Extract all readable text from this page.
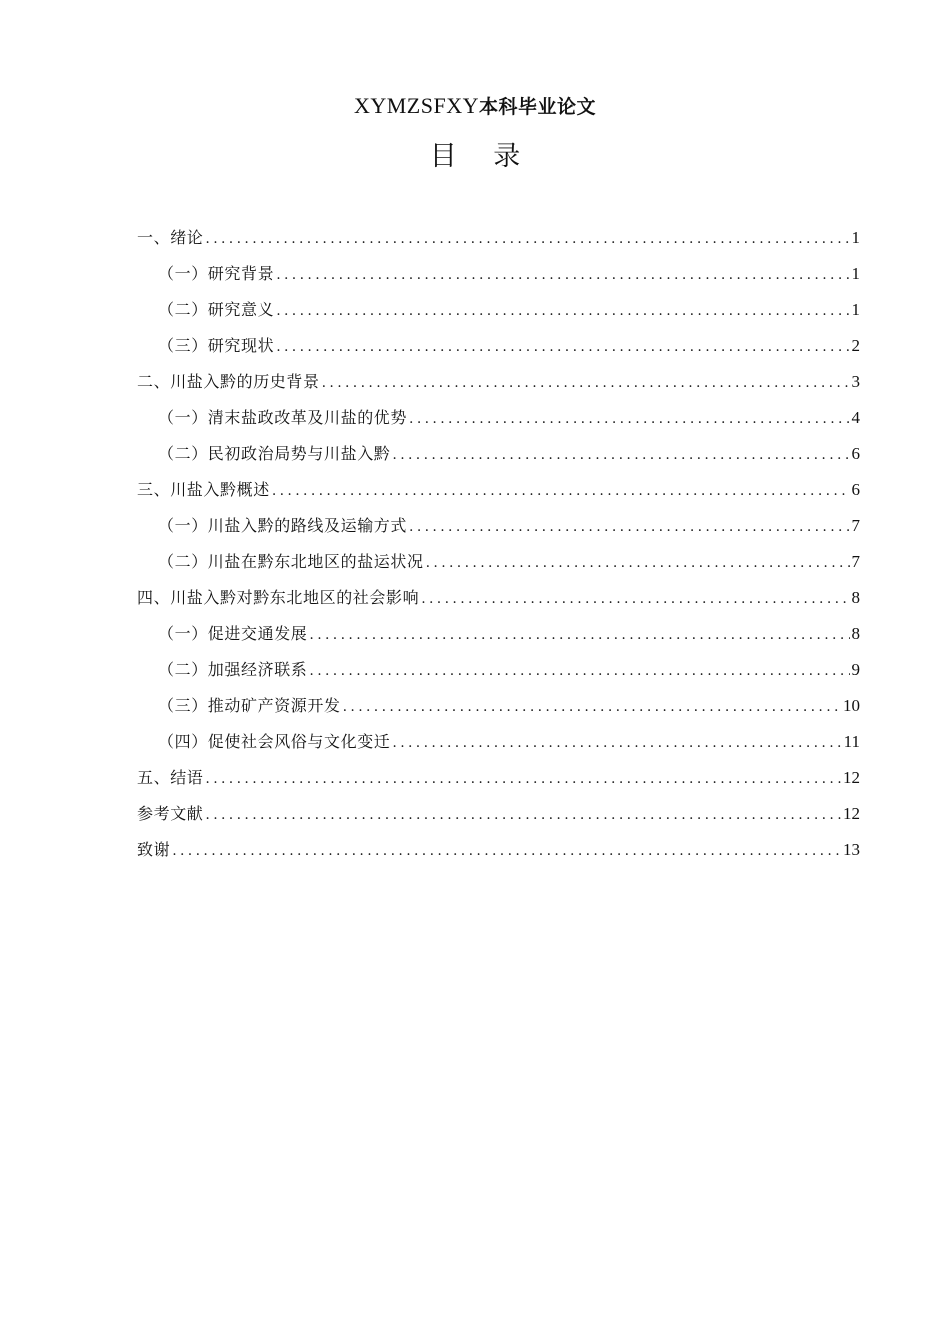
XYMZSFXY本科毕业论文
目 录
一、绪论 .....	1
（一）研究背景 .....	1
（二）研究意义 .....	1
（三）研究现状 .....	2
二、川盐入黔的历史背景 .....	3
（一）清末盐政改革及川盐的优势 .....	4
（二）民初政治局势与川盐入黔 .....	6
三、川盐入黔概述 .....	6
（一）川盐入黔的路线及运输方式 .....	7
（二）川盐在黔东北地区的盐运状况 .....	7
四、川盐入黔对黔东北地区的社会影响 .....	8
（一）促进交通发展 .....	8
（二）加强经济联系 .....	9
（三）推动矿产资源开发 .....	10
（四）促使社会风俗与文化变迁 .....	11
五、结语 .....	12
参考文献 .....	12
致谢 .....	13
